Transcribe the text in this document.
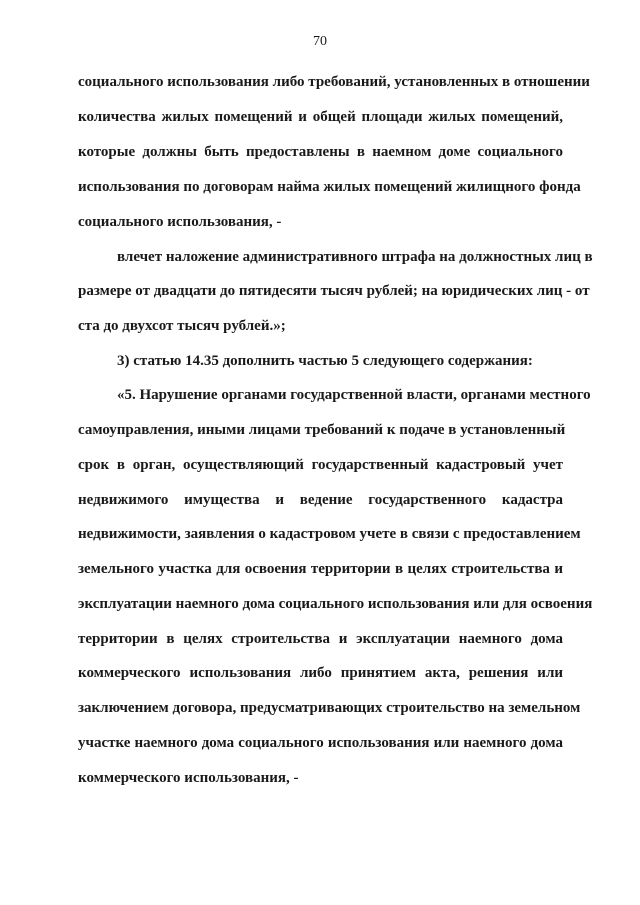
70
социального использования либо требований, установленных в отношении
количества жилых помещений и общей площади жилых помещений,
которые должны быть предоставлены в наемном доме социального
использования по договорам найма жилых помещений жилищного фонда
социального использования, -
влечет наложение административного штрафа на должностных лиц в
размере от двадцати до пятидесяти тысяч рублей; на юридических лиц - от
ста до двухсот тысяч рублей.»;
3) статью 14.35 дополнить частью 5 следующего содержания:
«5. Нарушение органами государственной власти, органами местного
самоуправления, иными лицами требований к подаче в установленный
срок в орган, осуществляющий государственный кадастровый учет
недвижимого имущества и ведение государственного кадастра
недвижимости, заявления о кадастровом учете в связи с предоставлением
земельного участка для освоения территории в целях строительства и
эксплуатации наемного дома социального использования или для освоения
территории в целях строительства и эксплуатации наемного дома
коммерческого использования либо принятием акта, решения или
заключением договора, предусматривающих строительство на земельном
участке наемного дома социального использования или наемного дома
коммерческого использования, -
